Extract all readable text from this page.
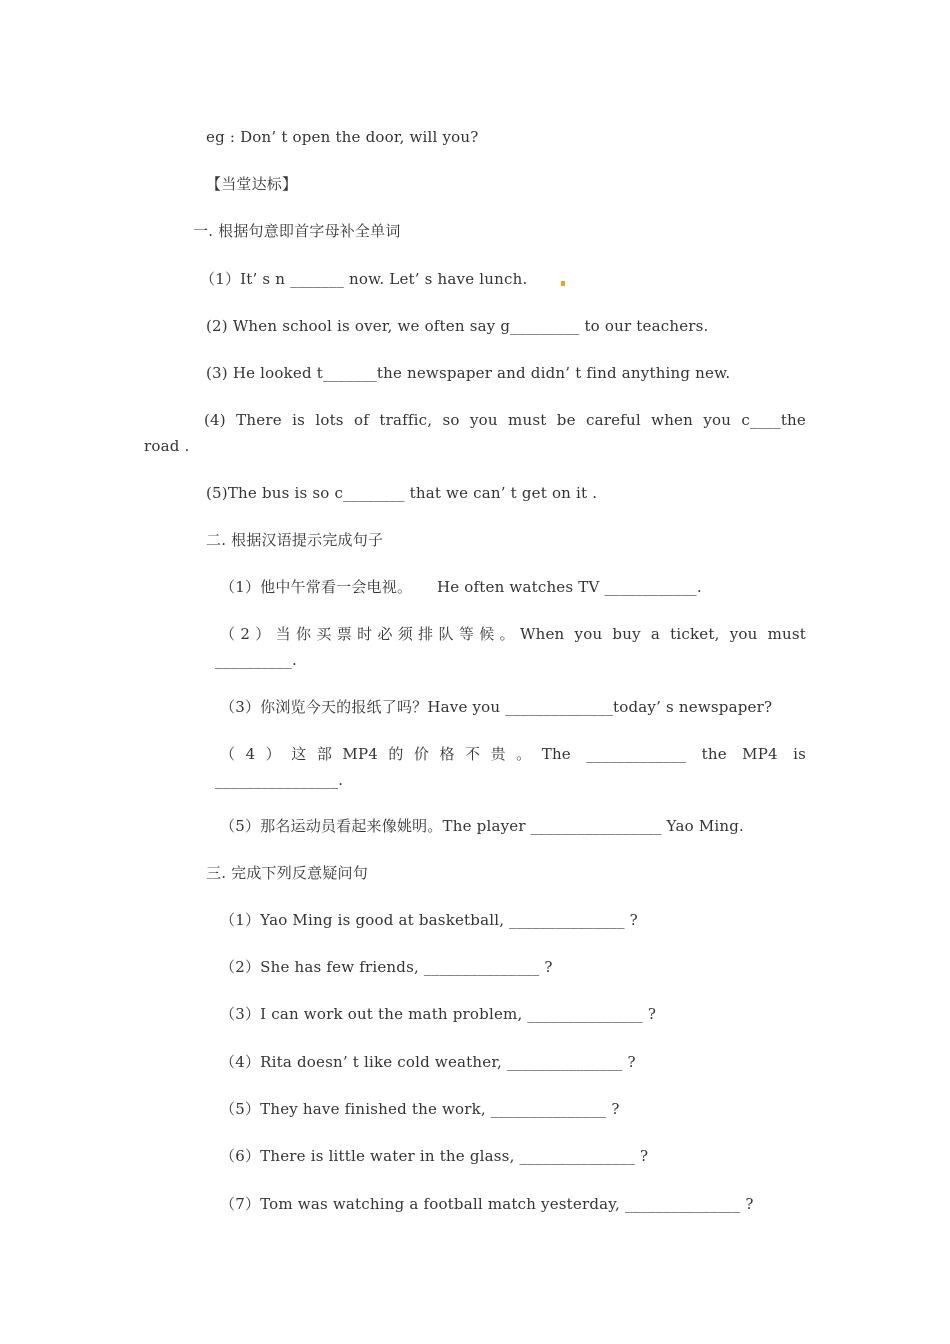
eg : Don’ t open the door, will you?
【当堂达标】
一. 根据句意即首字母补全单词
（1）It’ s n _______ now. Let’ s have lunch.
(2) When school is over, we often say g_________ to our teachers.
(3) He looked t_______the newspaper and didn’ t find anything new.
(4) There is lots of traffic, so you must be careful when you c____the
road .
(5)The bus is so c________ that we can’ t get on it .
二. 根据汉语提示完成句子
（1）他中午常看一会电视。     He often watches TV ____________.
（2）当你买票时必须排队等候。When you buy a ticket, you must
__________.
（3）你浏览今天的报纸了吗？Have you ______________today’ s newspaper?
（4）这部MP4的价格不贵。The _____________ the MP4 is
________________.
（5）那名运动员看起来像姚明。The player _________________ Yao Ming.
三. 完成下列反意疑问句
（1）Yao Ming is good at basketball, _______________ ?
（2）She has few friends, _______________ ?
（3）I can work out the math problem, _______________ ?
（4）Rita doesn’ t like cold weather, _______________ ?
（5）They have finished the work, _______________ ?
（6）There is little water in the glass, _______________ ?
（7）Tom was watching a football match yesterday, _______________ ?
